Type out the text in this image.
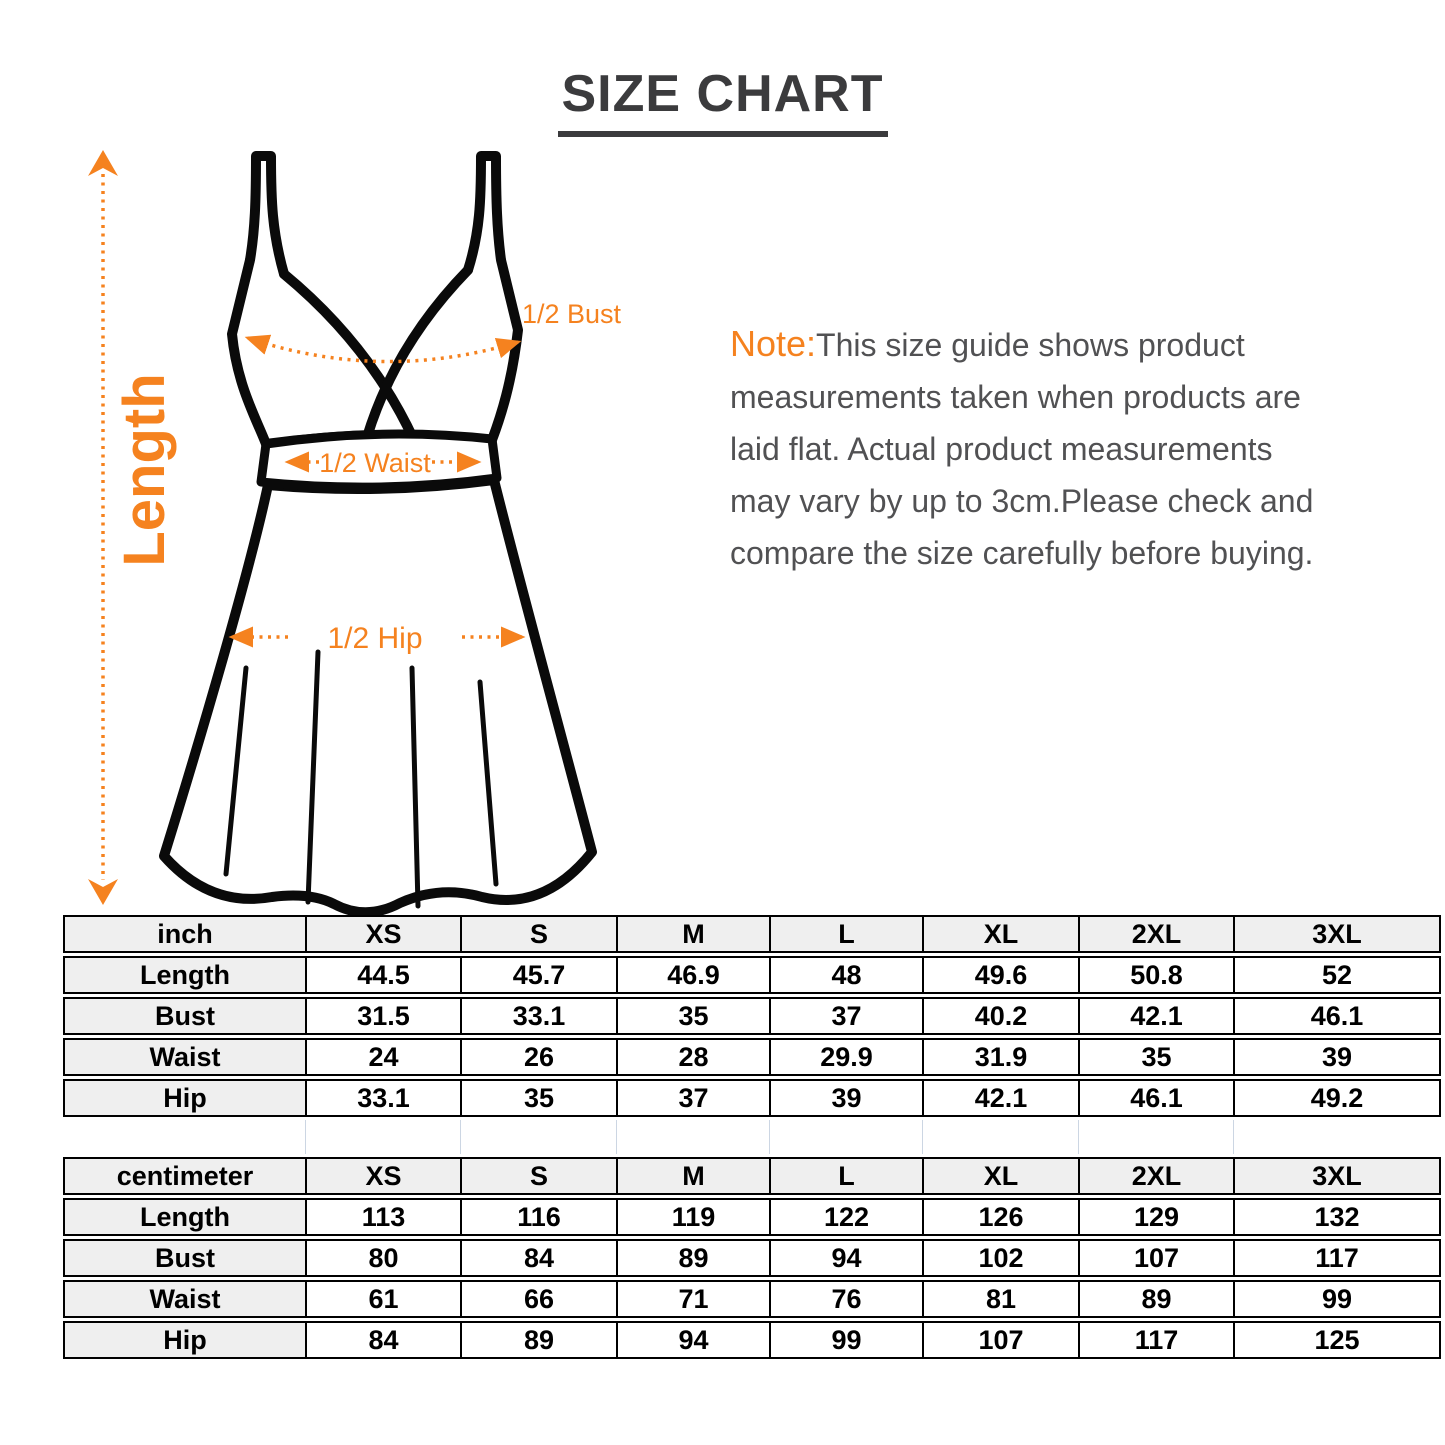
SIZE CHART
Length
1/2 Bust
1/2 Waist
1/2 Hip
Note:This size guide shows product measurements taken when products are laid flat. Actual product measurements may vary by up to 3cm.Please check and compare the size carefully before buying.
inch	XS	S	M	L	XL	2XL	3XL
Length	44.5	45.7	46.9	48	49.6	50.8	52
Bust	31.5	33.1	35	37	40.2	42.1	46.1
Waist	24	26	28	29.9	31.9	35	39
Hip	33.1	35	37	39	42.1	46.1	49.2

centimeter	XS	S	M	L	XL	2XL	3XL
Length	113	116	119	122	126	129	132
Bust	80	84	89	94	102	107	117
Waist	61	66	71	76	81	89	99
Hip	84	89	94	99	107	117	125
